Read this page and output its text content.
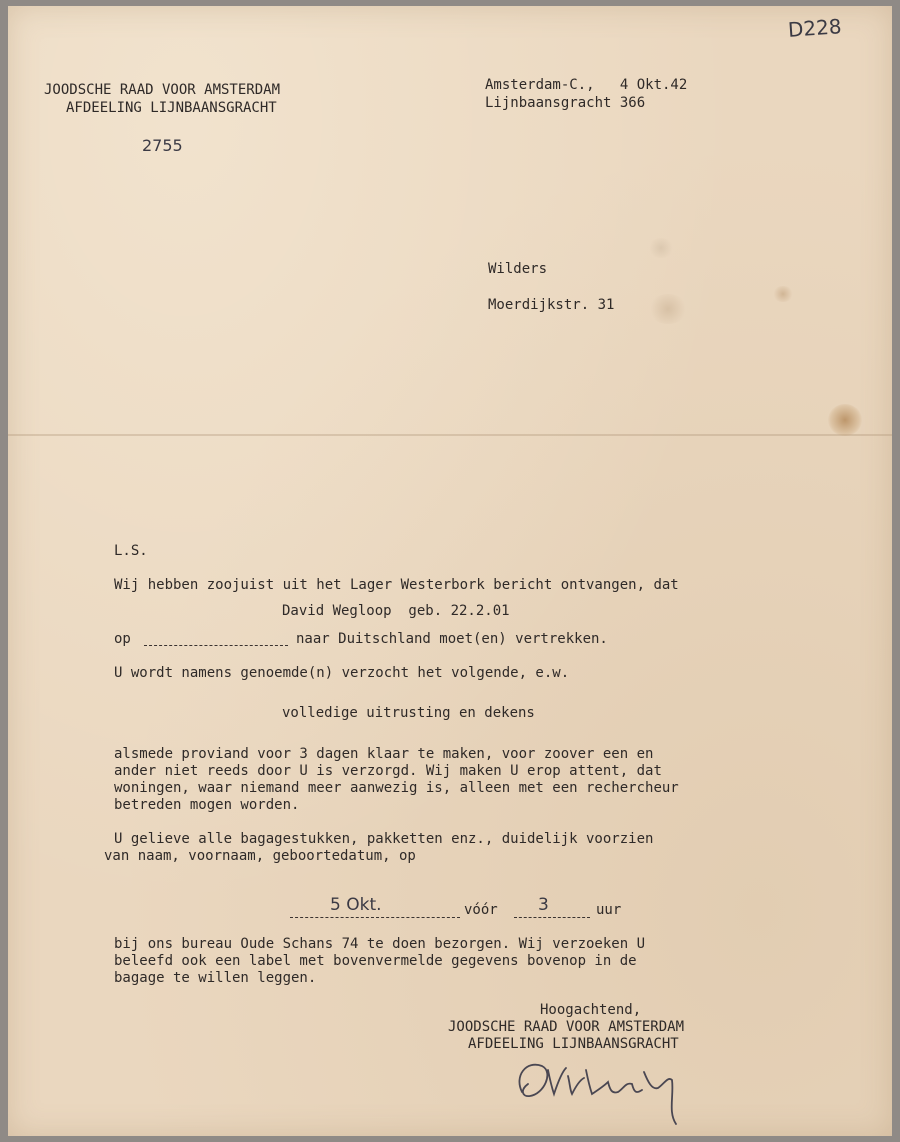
D228
JOODSCHE RAAD VOOR AMSTERDAM
AFDEELING LIJNBAANSGRACHT
2755
Amsterdam-C.,   4 Okt.42
Lijnbaansgracht 366
Wilders
Moerdijkstr. 31
L.S.
Wij hebben zoojuist uit het Lager Westerbork bericht ontvangen, dat
David Wegloop  geb. 22.2.01
op	naar Duitschland moet(en) vertrekken.
U wordt namens genoemde(n) verzocht het volgende, e.w.
volledige uitrusting en dekens
alsmede proviand voor 3 dagen klaar te maken, voor zoover een en
ander niet reeds door U is verzorgd. Wij maken U erop attent, dat
woningen, waar niemand meer aanwezig is, alleen met een rechercheur
betreden mogen worden.
U gelieve alle bagagestukken, pakketten enz., duidelijk voorzien
van naam, voornaam, geboortedatum, op
5 Okt.	vóór 3	uur
bij ons bureau Oude Schans 74 te doen bezorgen. Wij verzoeken U
beleefd ook een label met bovenvermelde gegevens bovenop in de
bagage te willen leggen.
Hoogachtend,
JOODSCHE RAAD VOOR AMSTERDAM
AFDEELING LIJNBAANSGRACHT
